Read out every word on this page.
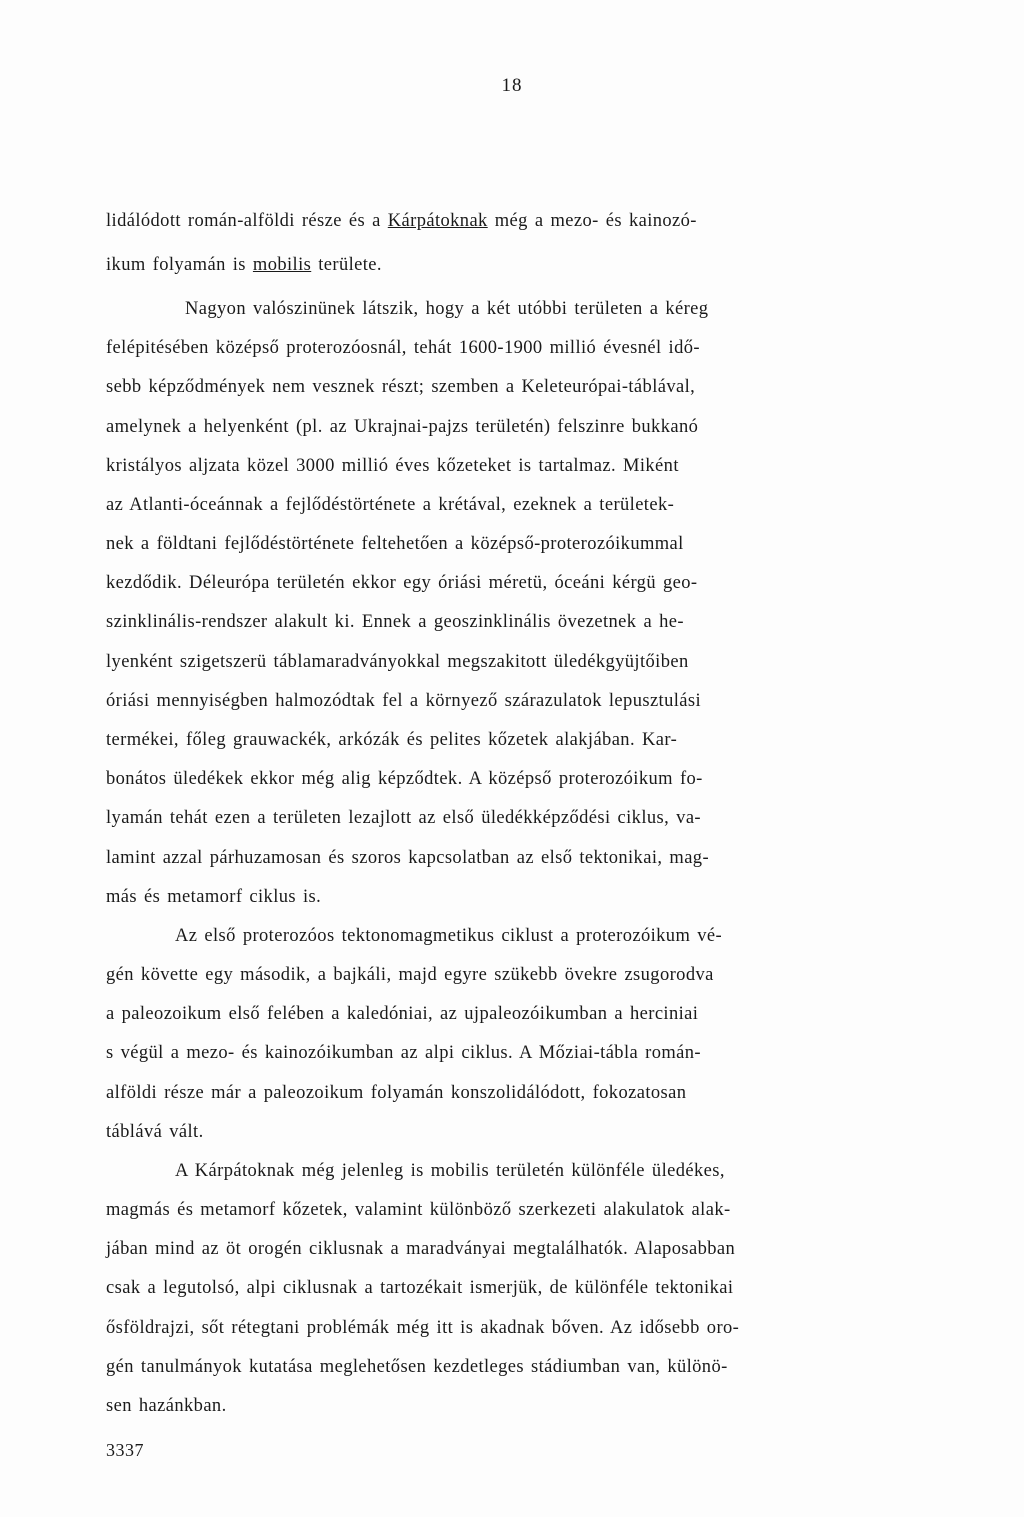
18
lidálódott román-alföldi része és a Kárpátoknak még a mezo- és kainozó-
ikum folyamán is mobilis területe.
Nagyon valószinünek látszik, hogy a két utóbbi területen a kéreg
felépitésében középső proterozóosnál, tehát 1600-1900 millió évesnél idő-
sebb képződmények nem vesznek részt; szemben a Keleteurópai-táblával,
amelynek a helyenként (pl. az Ukrajnai-pajzs területén) felszinre bukkanó
kristályos aljzata közel 3000 millió éves kőzeteket is tartalmaz. Miként
az Atlanti-óceánnak a fejlődéstörténete a krétával, ezeknek a területek-
nek a földtani fejlődéstörténete feltehetően a középső-proterozóikummal
kezdődik. Déleurópa területén ekkor egy óriási méretü, óceáni kérgü geo-
szinklinális-rendszer alakult ki. Ennek a geoszinklinális övezetnek a he-
lyenként szigetszerü táblamaradványokkal megszakitott üledékgyüjtőiben
óriási mennyiségben halmozódtak fel a környező szárazulatok lepusztulási
termékei, főleg grauwackék, arkózák és pelites kőzetek alakjában. Kar-
bonátos üledékek ekkor még alig képződtek. A középső proterozóikum fo-
lyamán tehát ezen a területen lezajlott az első üledékképződési ciklus, va-
lamint azzal párhuzamosan és szoros kapcsolatban az első tektonikai, mag-
más és metamorf ciklus is.
Az első proterozóos tektonomagmetikus ciklust a proterozóikum vé-
gén követte egy második, a bajkáli, majd egyre szükebb övekre zsugorodva
a paleozoikum első felében a kaledóniai, az ujpaleozóikumban a herciniai
s végül a mezo- és kainozóikumban az alpi ciklus. A Mőziai-tábla román-
alföldi része már a paleozoikum folyamán konszolidálódott, fokozatosan
táblává vált.
A Kárpátoknak még jelenleg is mobilis területén különféle üledékes,
magmás és metamorf kőzetek, valamint különböző szerkezeti alakulatok alak-
jában mind az öt orogén ciklusnak a maradványai megtalálhatók. Alaposabban
csak a legutolsó, alpi ciklusnak a tartozékait ismerjük, de különféle tektonikai
ősföldrajzi, sőt rétegtani problémák még itt is akadnak bőven. Az idősebb oro-
gén tanulmányok kutatása meglehetősen kezdetleges stádiumban van, különö-
sen hazánkban.
3337
